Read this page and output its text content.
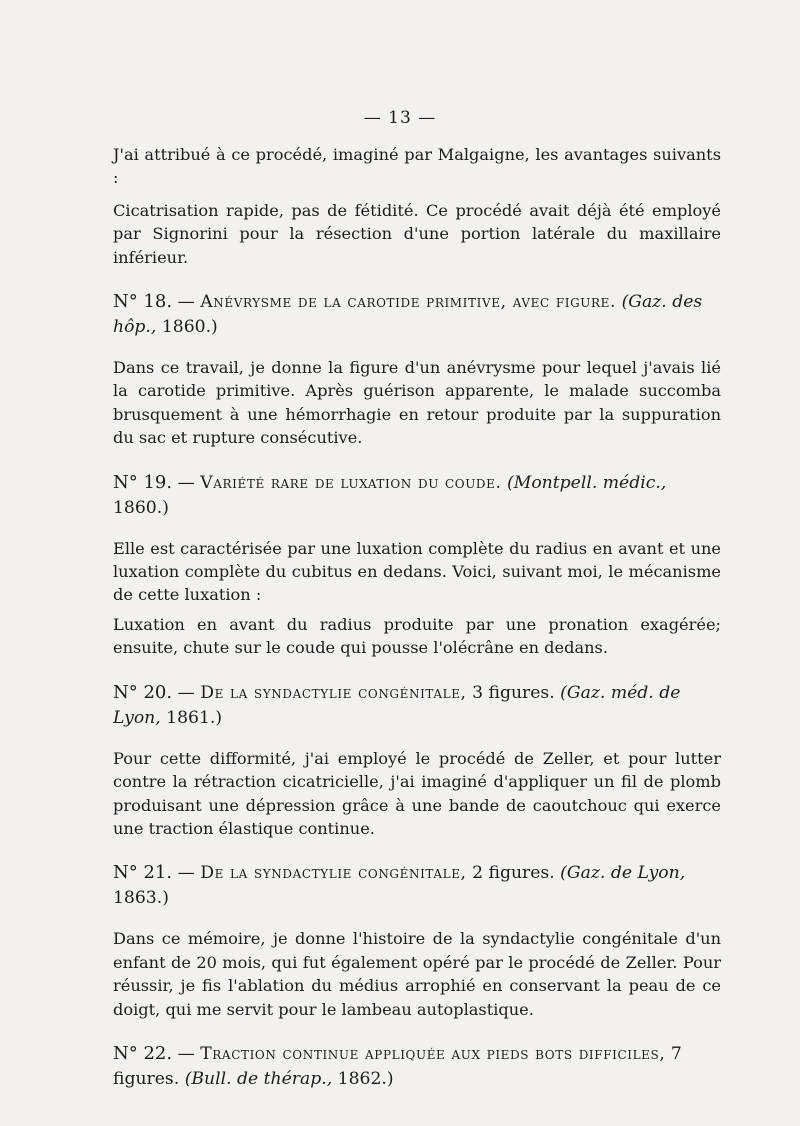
— 13 —

J'ai attribué à ce procédé, imaginé par Malgaigne, les avantages suivants :

Cicatrisation rapide, pas de fétidité. Ce procédé avait déjà été employé par Signorini pour la résection d'une portion latérale du maxillaire inférieur.

N° 18. — Anévrysme de la carotide primitive, avec figure. (Gaz. des hôp., 1860.)

Dans ce travail, je donne la figure d'un anévrysme pour lequel j'avais lié la carotide primitive. Après guérison apparente, le malade succomba brusquement à une hémorrhagie en retour produite par la suppuration du sac et rupture consécutive.

N° 19. — Variété rare de luxation du coude. (Montpell. médic., 1860.)

Elle est caractérisée par une luxation complète du radius en avant et une luxation complète du cubitus en dedans. Voici, suivant moi, le mécanisme de cette luxation :

Luxation en avant du radius produite par une pronation exagérée; ensuite, chute sur le coude qui pousse l'olécrâne en dedans.

N° 20. — De la syndactylie congénitale, 3 figures. (Gaz. méd. de Lyon, 1861.)

Pour cette difformité, j'ai employé le procédé de Zeller, et pour lutter contre la rétraction cicatricielle, j'ai imaginé d'appliquer un fil de plomb produisant une dépression grâce à une bande de caoutchouc qui exerce une traction élastique continue.

N° 21. — De la syndactylie congénitale, 2 figures. (Gaz. de Lyon, 1863.)

Dans ce mémoire, je donne l'histoire de la syndactylie congénitale d'un enfant de 20 mois, qui fut également opéré par le procédé de Zeller. Pour réussir, je fis l'ablation du médius arrophié en conservant la peau de ce doigt, qui me servit pour le lambeau autoplastique.

N° 22. — Traction continue appliquée aux pieds bots difficiles, 7 figures. (Bull. de thérap., 1862.)
